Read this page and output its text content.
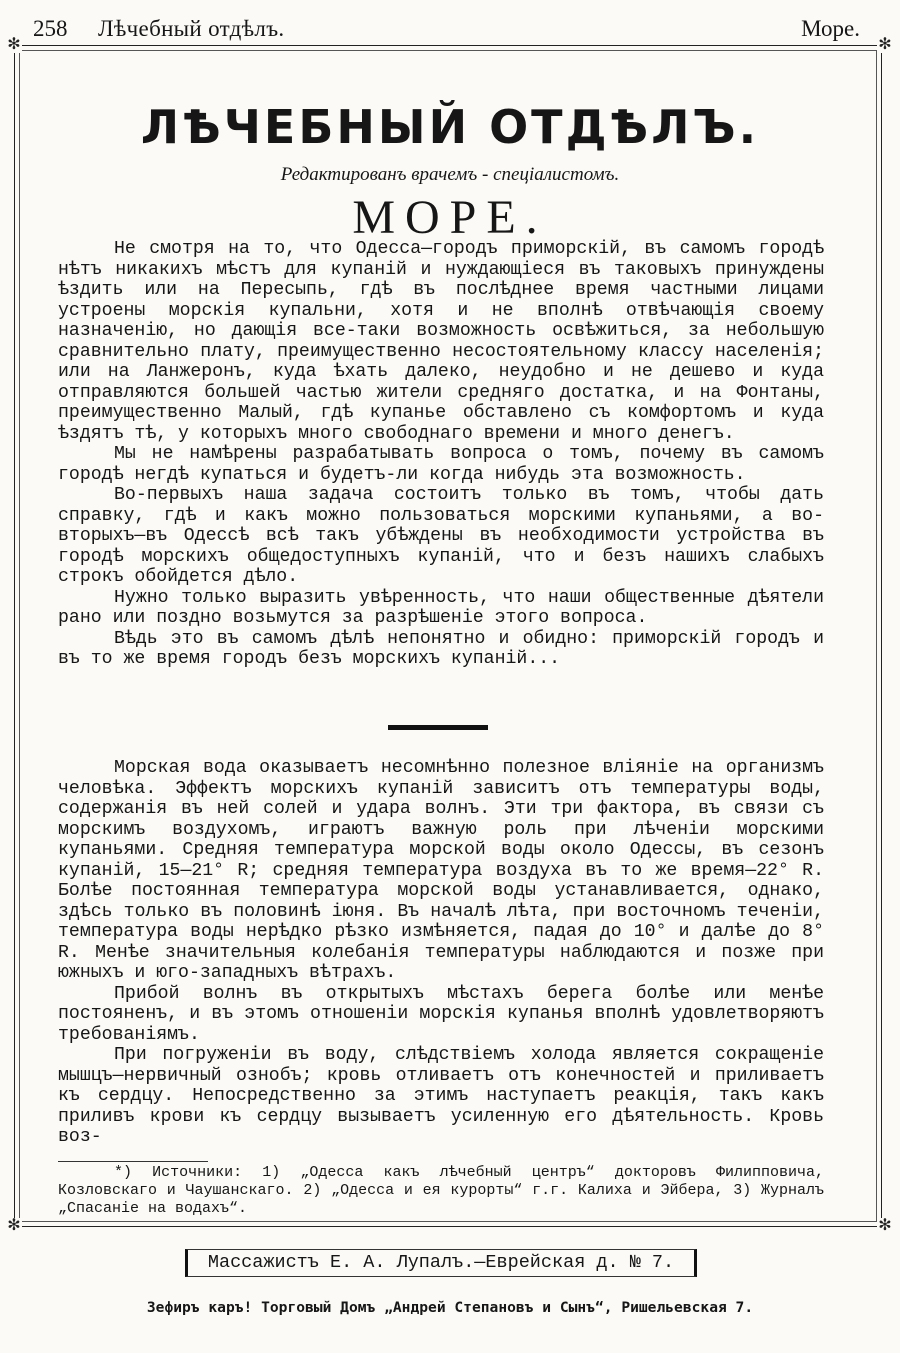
258 Лѣчебный отдѣлъ.	Море.
✻	✻
✻	✻
ЛѢЧЕБНЫЙ ОТДѢЛЪ.
Редактированъ врачемъ - спеціалистомъ.
МОРЕ.

Не смотря на то, что Одесса—городъ приморскій, въ самомъ городѣ нѣтъ никакихъ мѣстъ для купаній и нуждающіеся въ таковыхъ принуждены ѣздить или на Пересыпь, гдѣ въ послѣднее время частными лицами устроены морскія купальни, хотя и не вполнѣ отвѣчающія своему назначенію, но дающія все-таки возможность освѣжиться, за небольшую сравнительно плату, преимущественно несостоятельному классу населенія; или на Ланжеронъ, куда ѣхать далеко, неудобно и не дешево и куда отправляются большей частью жители средняго достатка, и на Фонтаны, преимущественно Малый, гдѣ купанье обставлено съ комфортомъ и куда ѣздятъ тѣ, у которыхъ много свободнаго времени и много денегъ.

Мы не намѣрены разрабатывать вопроса о томъ, почему въ самомъ городѣ негдѣ купаться и будетъ-ли когда нибудь эта возможность.

Во-первыхъ наша задача состоитъ только въ томъ, чтобы дать справку, гдѣ и какъ можно пользоваться морскими купаньями, а во-вторыхъ—въ Одессѣ всѣ такъ убѣждены въ необходимости устройства въ городѣ морскихъ общедоступныхъ купаній, что и безъ нашихъ слабыхъ строкъ обойдется дѣло.

Нужно только выразить увѣренность, что наши общественные дѣятели рано или поздно возьмутся за разрѣшеніе этого вопроса.

Вѣдь это въ самомъ дѣлѣ непонятно и обидно: приморскій городъ и въ то же время городъ безъ морскихъ купаній...

Морская вода оказываетъ несомнѣнно полезное вліяніе на организмъ человѣка. Эффектъ морскихъ купаній зависитъ отъ температуры воды, содержанія въ ней солей и удара волнъ. Эти три фактора, въ связи съ морскимъ воздухомъ, играютъ важную роль при лѣченіи морскими купаньями. Средняя температура морской воды около Одессы, въ сезонъ купаній, 15—21° R; средняя температура воздуха въ то же время—22° R. Болѣе постоянная температура морской воды устанавливается, однако, здѣсь только въ половинѣ іюня. Въ началѣ лѣта, при восточномъ теченіи, температура воды нерѣдко рѣзко измѣняется, падая до 10° и далѣе до 8° R. Менѣе значительныя колебанія температуры наблюдаются и позже при южныхъ и юго-западныхъ вѣтрахъ.

Прибой волнъ въ открытыхъ мѣстахъ берега болѣе или менѣе постояненъ, и въ этомъ отношеніи морскія купанья вполнѣ удовлетворяютъ требованіямъ.

При погруженіи въ воду, слѣдствіемъ холода является сокращеніе мышцъ—нервичный ознобъ; кровь отливаетъ отъ конечностей и приливаетъ къ сердцу. Непосредственно за этимъ наступаетъ реакція, такъ какъ приливъ крови къ сердцу вызываетъ усиленную его дѣятельность. Кровь воз-

*) Источники: 1) „Одесса какъ лѣчебный центръ“ докторовъ Филипповича, Козловскаго и Чаушанскаго. 2) „Одесса и ея курорты“ г.г. Калиха и Эйбера, 3) Журналъ „Спасаніе на водахъ“.
Массажистъ Е. А. Лупалъ.—Еврейская д. № 7.
Зефиръ каръ! Торговый Домъ „Андрей Степановъ и Сынъ“, Ришельевская 7.
